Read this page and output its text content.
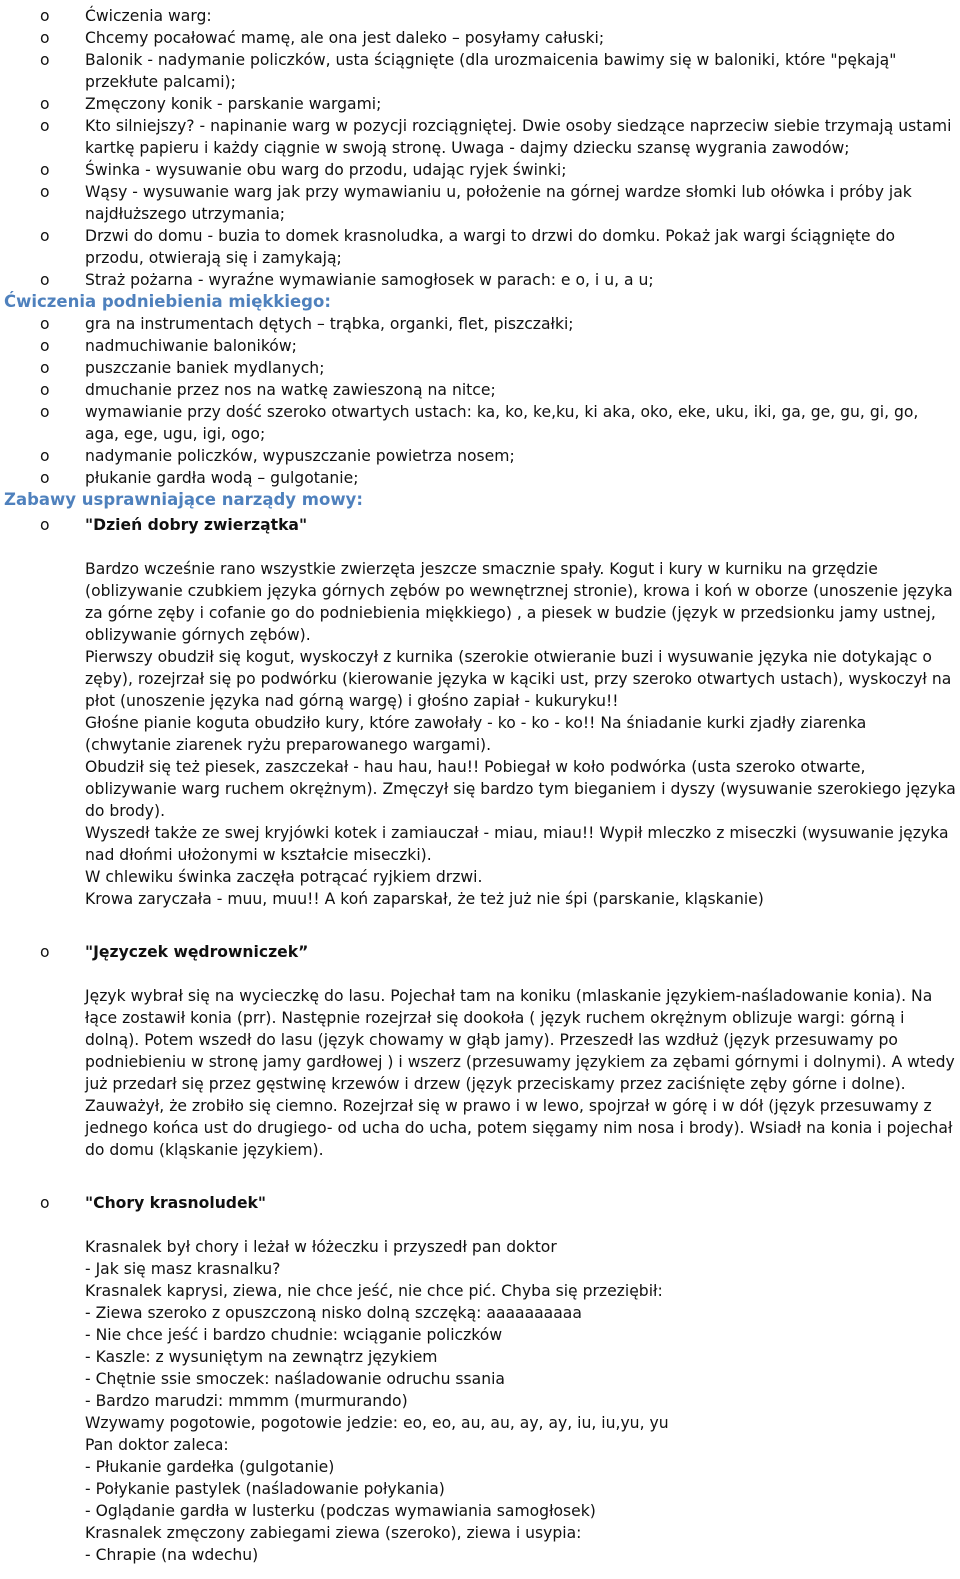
o Ćwiczenia warg:
o Chcemy pocałować mamę, ale ona jest daleko – posyłamy całuski;
o Balonik - nadymanie policzków, usta ściągnięte (dla urozmaicenia bawimy się w baloniki, które "pękają" przekłute palcami);
o Zmęczony konik - parskanie wargami;
o Kto silniejszy? - napinanie warg w pozycji rozciągniętej. Dwie osoby siedzące naprzeciw siebie trzymają ustami kartkę papieru i każdy ciągnie w swoją stronę. Uwaga - dajmy dziecku szansę wygrania zawodów;
o Świnka - wysuwanie obu warg do przodu, udając ryjek świnki;
o Wąsy - wysuwanie warg jak przy wymawianiu u, położenie na górnej wardze słomki lub ołówka i próby jak najdłuższego utrzymania;
o Drzwi do domu - buzia to domek krasnoludka, a wargi to drzwi do domku. Pokaż jak wargi ściągnięte do przodu, otwierają się i zamykają;
o Straż pożarna - wyraźne wymawianie samogłosek w parach: e o, i u, a u;
Ćwiczenia podniebienia miękkiego:
o gra na instrumentach dętych – trąbka, organki, flet, piszczałki;
o nadmuchiwanie baloników;
o puszczanie baniek mydlanych;
o dmuchanie przez nos na watkę zawieszoną na nitce;
o wymawianie przy dość szeroko otwartych ustach: ka, ko, ke,ku, ki aka, oko, eke, uku, iki, ga, ge, gu, gi, go, aga, ege, ugu, igi, ogo;
o nadymanie policzków, wypuszczanie powietrza nosem;
o płukanie gardła wodą – gulgotanie;
Zabawy usprawniające narządy mowy:
o "Dzień dobry zwierzątka"
Bardzo wcześnie rano wszystkie zwierzęta jeszcze smacznie spały. Kogut i kury w kurniku na grzędzie (oblizywanie czubkiem języka górnych zębów po wewnętrznej stronie), krowa i koń w oborze (unoszenie języka za górne zęby i cofanie go do podniebienia miękkiego) , a piesek w budzie (język w przedsionku jamy ustnej, oblizywanie górnych zębów).
Pierwszy obudził się kogut, wyskoczył z kurnika (szerokie otwieranie buzi i wysuwanie języka nie dotykając o zęby), rozejrzał się po podwórku (kierowanie języka w kąciki ust, przy szeroko otwartych ustach), wyskoczył na płot (unoszenie języka nad górną wargę) i głośno zapiał - kukuryku!!
Głośne pianie koguta obudziło kury, które zawołały - ko - ko - ko!! Na śniadanie kurki zjadły ziarenka (chwytanie ziarenek ryżu preparowanego wargami).
Obudził się też piesek, zaszczekał - hau hau, hau!! Pobiegał w koło podwórka (usta szeroko otwarte, oblizywanie warg ruchem okrężnym). Zmęczył się bardzo tym bieganiem i dyszy (wysuwanie szerokiego języka do brody).
Wyszedł także ze swej kryjówki kotek i zamiauczał - miau, miau!! Wypił mleczko z miseczki (wysuwanie języka nad dłońmi ułożonymi w kształcie miseczki).
W chlewiku świnka zaczęła potrącać ryjkiem drzwi.
Krowa zaryczała - muu, muu!! A koń zaparskał, że też już nie śpi (parskanie, kląskanie)
o "Języczek wędrowniczek”
Język wybrał się na wycieczkę do lasu. Pojechał tam na koniku (mlaskanie językiem-naśladowanie konia). Na łące zostawił konia (prr). Następnie rozejrzał się dookoła ( język ruchem okrężnym oblizuje wargi: górną i dolną). Potem wszedł do lasu (język chowamy w głąb jamy). Przeszedł las wzdłuż (język przesuwamy po podniebieniu w stronę jamy gardłowej ) i wszerz (przesuwamy językiem za zębami górnymi i dolnymi). A wtedy już przedarł się przez gęstwinę krzewów i drzew (język przeciskamy przez zaciśnięte zęby górne i dolne). Zauważył, że zrobiło się ciemno. Rozejrzał się w prawo i w lewo, spojrzał w górę i w dół (język przesuwamy z jednego końca ust do drugiego- od ucha do ucha, potem sięgamy nim nosa i brody). Wsiadł na konia i pojechał do domu (kląskanie językiem).
o "Chory krasnoludek"
Krasnalek był chory i leżał w łóżeczku i przyszedł pan doktor
- Jak się masz krasnalku?
Krasnalek kaprysi, ziewa, nie chce jeść, nie chce pić. Chyba się przeziębił:
- Ziewa szeroko z opuszczoną nisko dolną szczęką: aaaaaaaaaa
- Nie chce jeść i bardzo chudnie: wciąganie policzków
- Kaszle: z wysuniętym na zewnątrz językiem
- Chętnie ssie smoczek: naśladowanie odruchu ssania
- Bardzo marudzi: mmmm (murmurando)
Wzywamy pogotowie, pogotowie jedzie: eo, eo, au, au, ay, ay, iu, iu,yu, yu
Pan doktor zaleca:
- Płukanie gardełka (gulgotanie)
- Połykanie pastylek (naśladowanie połykania)
- Oglądanie gardła w lusterku (podczas wymawiania samogłosek)
Krasnalek zmęczony zabiegami ziewa (szeroko), ziewa i usypia:
- Chrapie (na wdechu)
